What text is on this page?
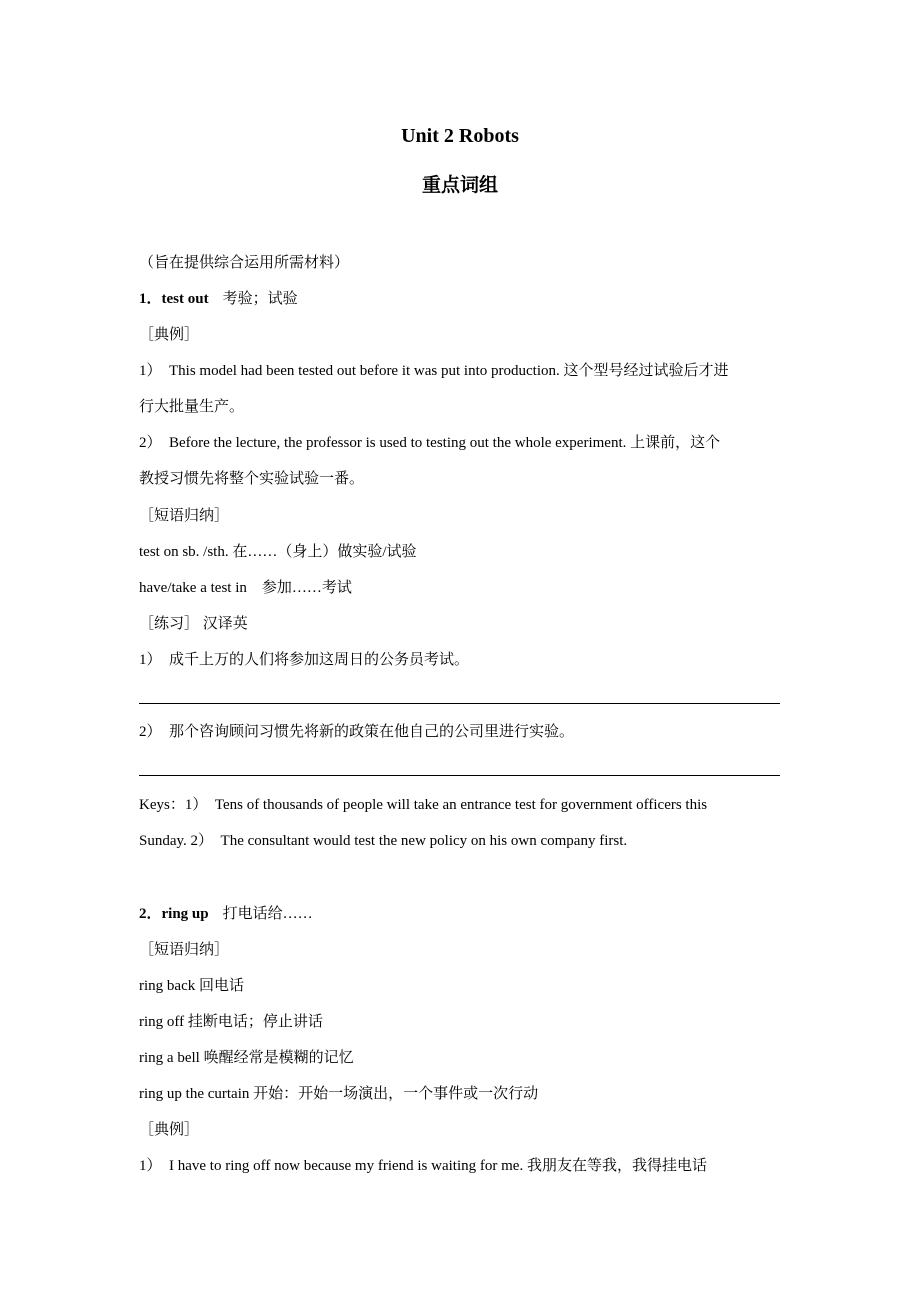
Unit 2 Robots
重点词组
（旨在提供综合运用所需材料）
1．test out 考验；试验
［典例］
1）　This model had been tested out before it was put into production. 这个型号经过试验后才进
行大批量生产。
2）　Before the lecture, the professor is used to testing out the whole experiment. 上课前，这个
教授习惯先将整个实验试验一番。
［短语归纳］
test on sb. /sth. 在……（身上）做实验/试验
have/take a test in　参加……考试
［练习］ 汉译英
1）　成千上万的人们将参加这周日的公务员考试。
2）　那个咨询顾问习惯先将新的政策在他自己的公司里进行实验。
Keys：1）　Tens of thousands of people will take an entrance test for government officers this
Sunday. 2）　The consultant would test the new policy on his own company first.
2．ring up 打电话给……
［短语归纳］
ring back 回电话
ring off 挂断电话；停止讲话
ring a bell 唤醒经常是模糊的记忆
ring up the curtain 开始：开始一场演出，一个事件或一次行动
［典例］
1）　I have to ring off now because my friend is waiting for me. 我朋友在等我，我得挂电话
